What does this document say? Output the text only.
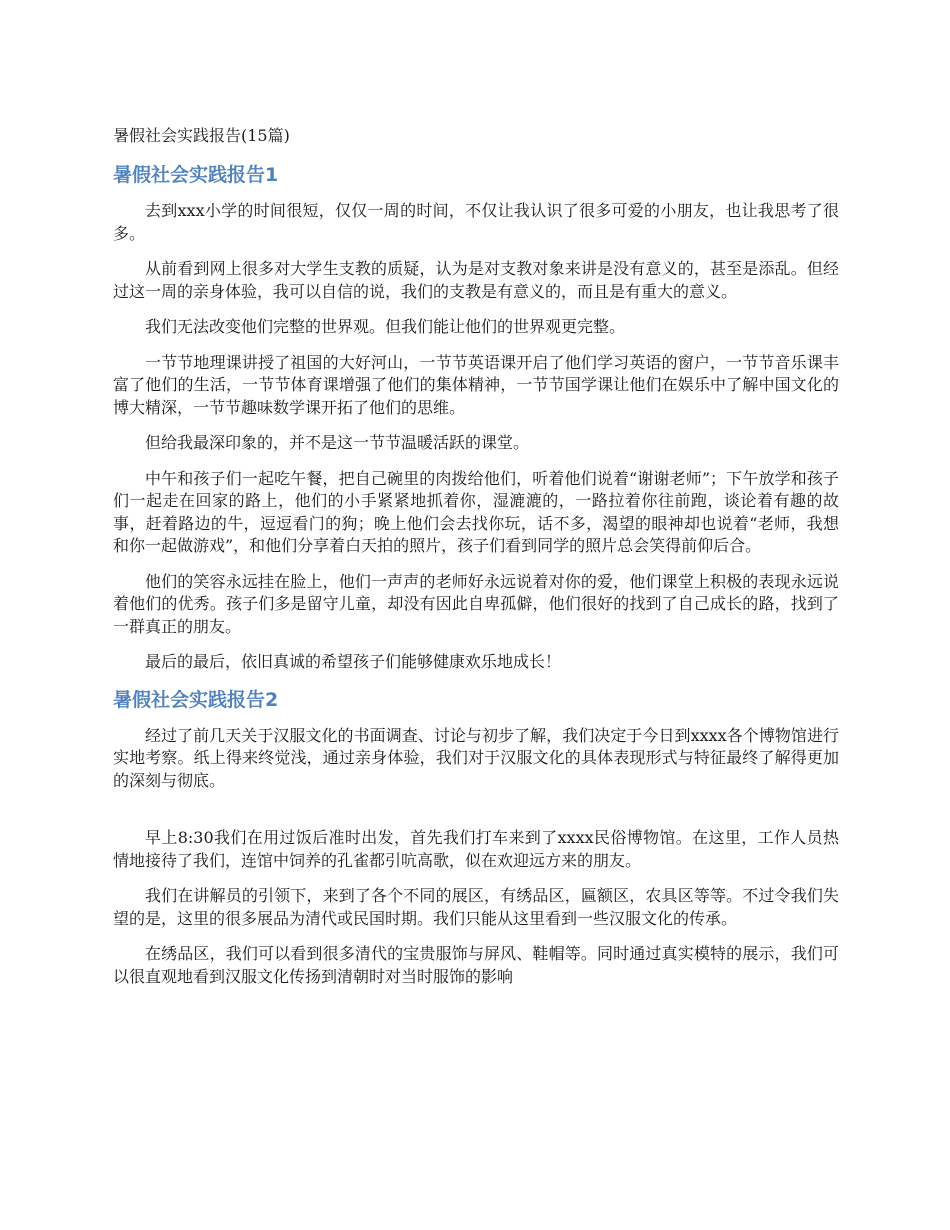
暑假社会实践报告(15篇)
暑假社会实践报告1

去到xxx小学的时间很短，仅仅一周的时间，不仅让我认识了很多可爱的小朋友，也让我思考了很多。

从前看到网上很多对大学生支教的质疑，认为是对支教对象来讲是没有意义的，甚至是添乱。但经过这一周的亲身体验，我可以自信的说，我们的支教是有意义的，而且是有重大的意义。

我们无法改变他们完整的世界观。但我们能让他们的世界观更完整。

一节节地理课讲授了祖国的大好河山，一节节英语课开启了他们学习英语的窗户，一节节音乐课丰富了他们的生活，一节节体育课增强了他们的集体精神，一节节国学课让他们在娱乐中了解中国文化的博大精深，一节节趣味数学课开拓了他们的思维。

但给我最深印象的，并不是这一节节温暖活跃的课堂。

中午和孩子们一起吃午餐，把自己碗里的肉拨给他们，听着他们说着“谢谢老师”；下午放学和孩子们一起走在回家的路上，他们的小手紧紧地抓着你，湿漉漉的，一路拉着你往前跑，谈论着有趣的故事，赶着路边的牛，逗逗看门的狗；晚上他们会去找你玩，话不多，渴望的眼神却也说着“老师，我想和你一起做游戏”，和他们分享着白天拍的照片，孩子们看到同学的照片总会笑得前仰后合。

他们的笑容永远挂在脸上，他们一声声的老师好永远说着对你的爱，他们课堂上积极的表现永远说着他们的优秀。孩子们多是留守儿童，却没有因此自卑孤僻，他们很好的找到了自己成长的路，找到了一群真正的朋友。

最后的最后，依旧真诚的希望孩子们能够健康欢乐地成长！

暑假社会实践报告2

经过了前几天关于汉服文化的书面调查、讨论与初步了解，我们决定于今日到xxxx各个博物馆进行实地考察。纸上得来终觉浅，通过亲身体验，我们对于汉服文化的具体表现形式与特征最终了解得更加的深刻与彻底。

早上8:30我们在用过饭后准时出发，首先我们打车来到了xxxx民俗博物馆。在这里，工作人员热情地接待了我们，连馆中饲养的孔雀都引吭高歌，似在欢迎远方来的朋友。

我们在讲解员的引领下，来到了各个不同的展区，有绣品区，匾额区，农具区等等。不过令我们失望的是，这里的很多展品为清代或民国时期。我们只能从这里看到一些汉服文化的传承。

在绣品区，我们可以看到很多清代的宝贵服饰与屏风、鞋帽等。同时通过真实模特的展示，我们可以很直观地看到汉服文化传扬到清朝时对当时服饰的影响
